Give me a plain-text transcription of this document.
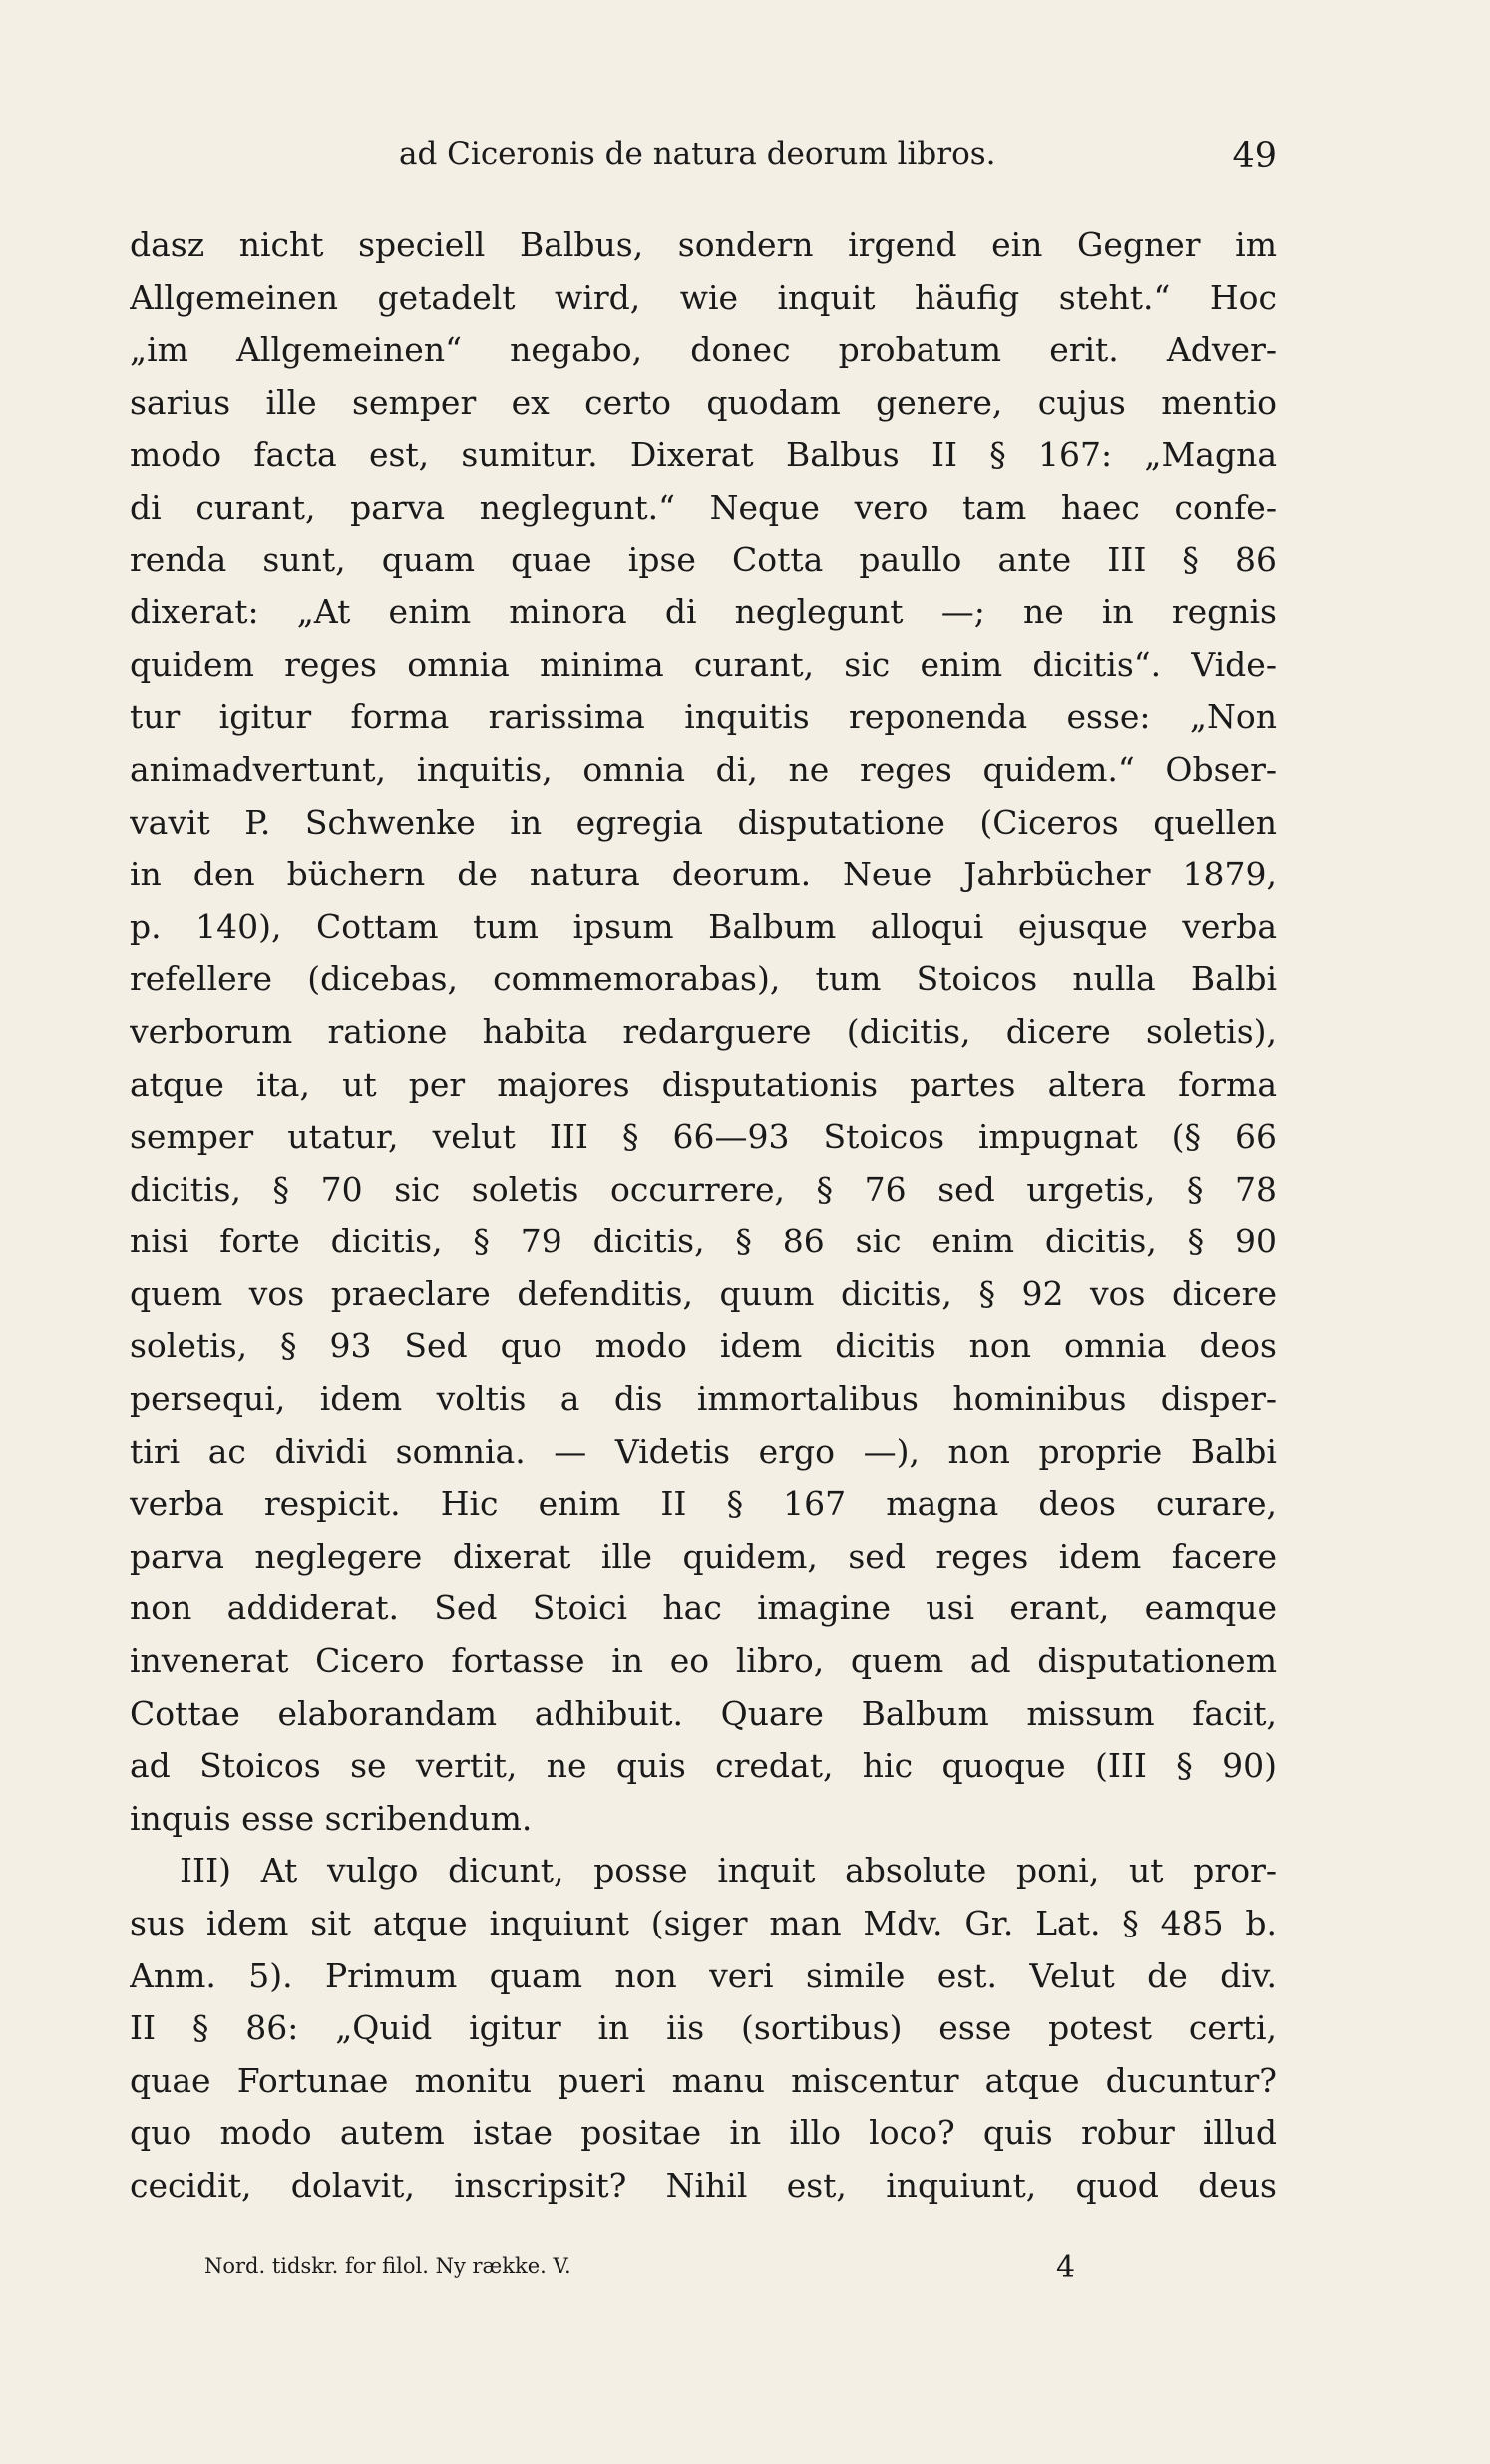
ad Ciceronis de natura deorum libros.	49
dasz nicht speciell Balbus, sondern irgend ein Gegner im
Allgemeinen getadelt wird, wie inquit häufig steht.“ Hoc
„im Allgemeinen“ negabo, donec probatum erit. Adver-
sarius ille semper ex certo quodam genere, cujus mentio
modo facta est, sumitur. Dixerat Balbus II § 167: „Magna
di curant, parva neglegunt.“ Neque vero tam haec confe-
renda sunt, quam quae ipse Cotta paullo ante III § 86
dixerat: „At enim minora di neglegunt —; ne in regnis
quidem reges omnia minima curant, sic enim dicitis“. Vide-
tur igitur forma rarissima inquitis reponenda esse: „Non
animadvertunt, inquitis, omnia di, ne reges quidem.“ Obser-
vavit P. Schwenke in egregia disputatione (Ciceros quellen
in den büchern de natura deorum. Neue Jahrbücher 1879,
p. 140), Cottam tum ipsum Balbum alloqui ejusque verba
refellere (dicebas, commemorabas), tum Stoicos nulla Balbi
verborum ratione habita redarguere (dicitis, dicere soletis),
atque ita, ut per majores disputationis partes altera forma
semper utatur, velut III § 66—93 Stoicos impugnat (§ 66
dicitis, § 70 sic soletis occurrere, § 76 sed urgetis, § 78
nisi forte dicitis, § 79 dicitis, § 86 sic enim dicitis, § 90
quem vos praeclare defenditis, quum dicitis, § 92 vos dicere
soletis, § 93 Sed quo modo idem dicitis non omnia deos
persequi, idem voltis a dis immortalibus hominibus disper-
tiri ac dividi somnia. — Videtis ergo —), non proprie Balbi
verba respicit. Hic enim II § 167 magna deos curare,
parva neglegere dixerat ille quidem, sed reges idem facere
non addiderat. Sed Stoici hac imagine usi erant, eamque
invenerat Cicero fortasse in eo libro, quem ad disputationem
Cottae elaborandam adhibuit. Quare Balbum missum facit,
ad Stoicos se vertit, ne quis credat, hic quoque (III § 90)
inquis esse scribendum.
III) At vulgo dicunt, posse inquit absolute poni, ut pror-
sus idem sit atque inquiunt (siger man Mdv. Gr. Lat. § 485 b.
Anm. 5). Primum quam non veri simile est. Velut de div.
II § 86: „Quid igitur in iis (sortibus) esse potest certi,
quae Fortunae monitu pueri manu miscentur atque ducuntur?
quo modo autem istae positae in illo loco? quis robur illud
cecidit, dolavit, inscripsit? Nihil est, inquiunt, quod deus
Nord. tidskr. for filol. Ny række. V.	4
